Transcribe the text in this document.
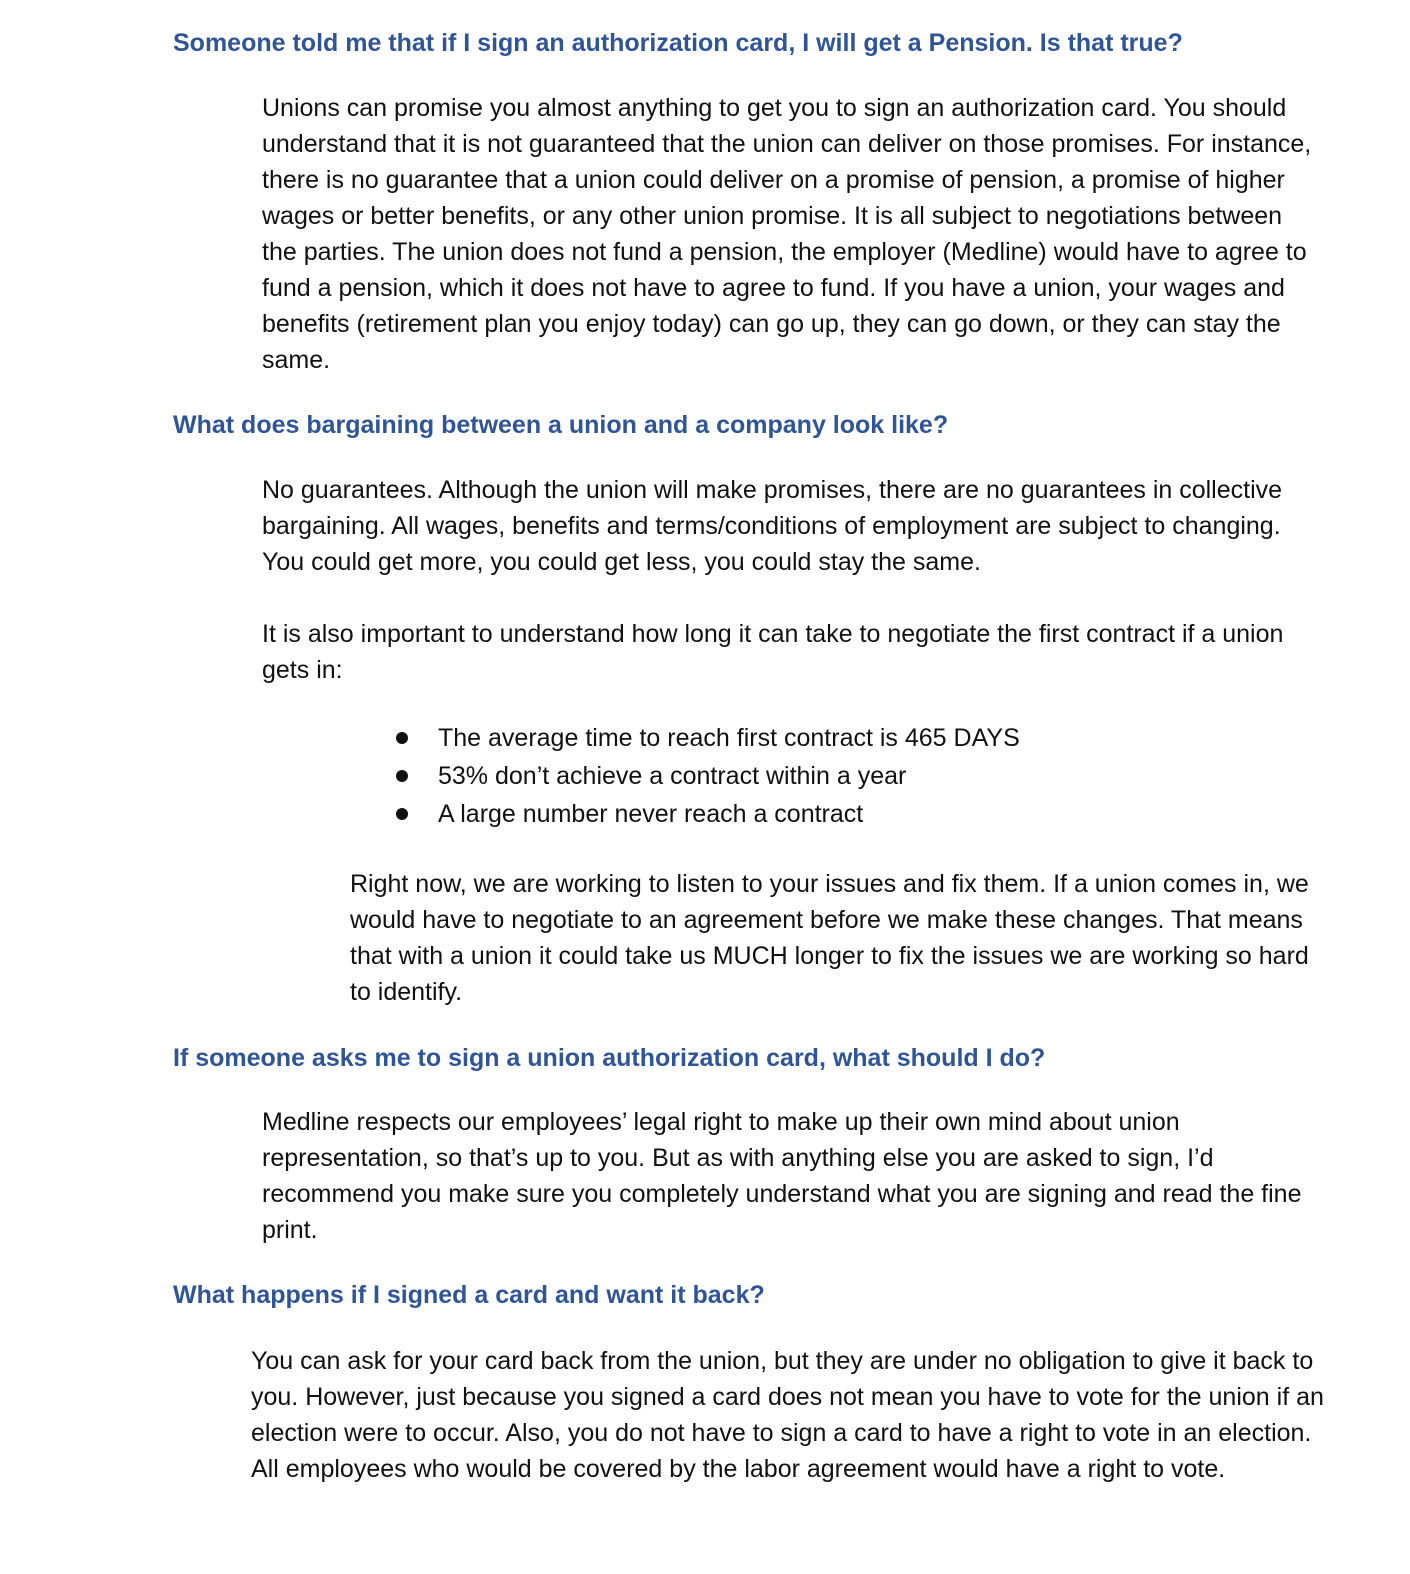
Someone told me that if I sign an authorization card, I will get a Pension. Is that true?

Unions can promise you almost anything to get you to sign an authorization card. You should understand that it is not guaranteed that the union can deliver on those promises. For instance, there is no guarantee that a union could deliver on a promise of pension, a promise of higher wages or better benefits, or any other union promise. It is all subject to negotiations between the parties. The union does not fund a pension, the employer (Medline) would have to agree to fund a pension, which it does not have to agree to fund. If you have a union, your wages and benefits (retirement plan you enjoy today) can go up, they can go down, or they can stay the same.

What does bargaining between a union and a company look like?

No guarantees. Although the union will make promises, there are no guarantees in collective bargaining. All wages, benefits and terms/conditions of employment are subject to changing. You could get more, you could get less, you could stay the same.

It is also important to understand how long it can take to negotiate the first contract if a union gets in:

The average time to reach first contract is 465 DAYS
53% don’t achieve a contract within a year
A large number never reach a contract

Right now, we are working to listen to your issues and fix them. If a union comes in, we would have to negotiate to an agreement before we make these changes. That means that with a union it could take us MUCH longer to fix the issues we are working so hard to identify.

If someone asks me to sign a union authorization card, what should I do?

Medline respects our employees’ legal right to make up their own mind about union representation, so that’s up to you. But as with anything else you are asked to sign, I’d recommend you make sure you completely understand what you are signing and read the fine print.

What happens if I signed a card and want it back?

You can ask for your card back from the union, but they are under no obligation to give it back to you. However, just because you signed a card does not mean you have to vote for the union if an election were to occur. Also, you do not have to sign a card to have a right to vote in an election. All employees who would be covered by the labor agreement would have a right to vote.
